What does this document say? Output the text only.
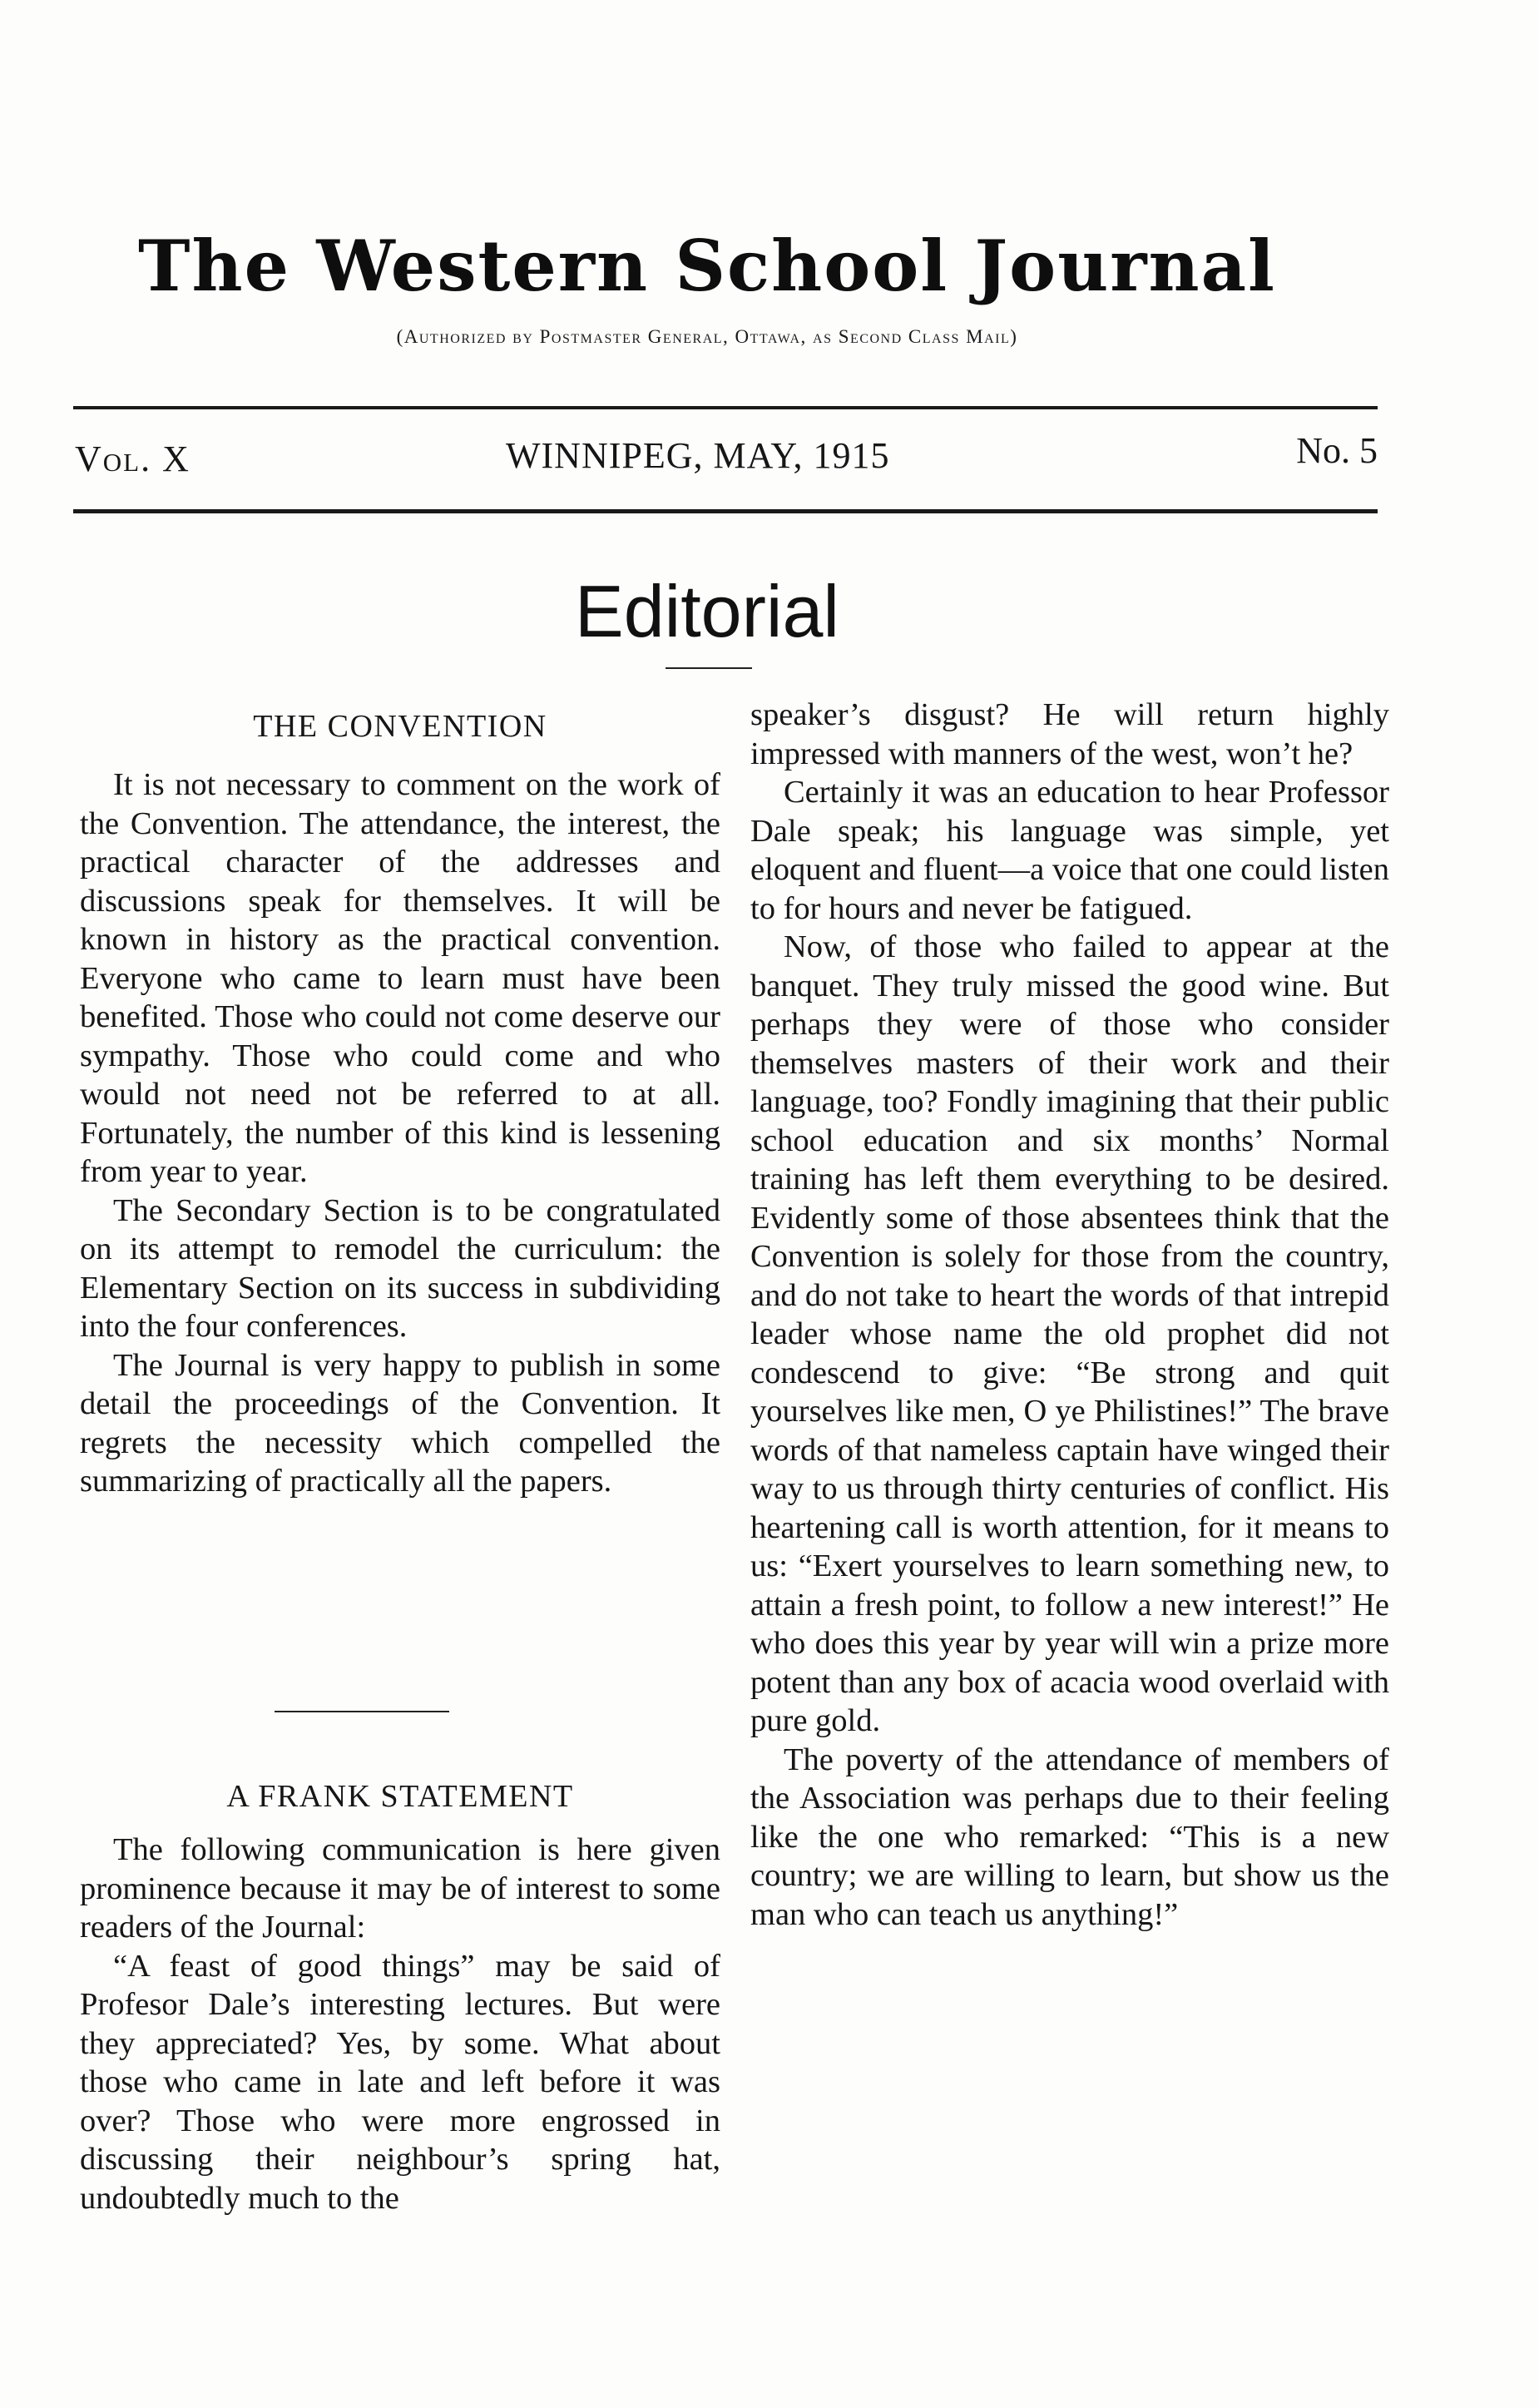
The Western School Journal
(Authorized by Postmaster General, Ottawa, as Second Class Mail)
Vol. X	WINNIPEG, MAY, 1915	No. 5
Editorial
THE CONVENTION

It is not necessary to comment on the work of the Convention. The attendance, the interest, the practical character of the addresses and discussions speak for themselves. It will be known in history as the practical convention. Everyone who came to learn must have been benefited. Those who could not come deserve our sympathy. Those who could come and who would not need not be referred to at all. Fortunately, the number of this kind is lessening from year to year.

The Secondary Section is to be congratulated on its attempt to remodel the curriculum: the Elementary Section on its success in subdividing into the four conferences.

The Journal is very happy to publish in some detail the proceedings of the Convention. It regrets the necessity which compelled the summarizing of practically all the papers.

A FRANK STATEMENT

The following communication is here given prominence because it may be of interest to some readers of the Journal:

“A feast of good things” may be said of Profesor Dale’s interesting lectures. But were they appreciated? Yes, by some. What about those who came in late and left before it was over? Those who were more engrossed in discussing their neighbour’s spring hat, undoubtedly much to the

speaker’s disgust? He will return highly impressed with manners of the west, won’t he?

Certainly it was an education to hear Professor Dale speak; his language was simple, yet eloquent and fluent—a voice that one could listen to for hours and never be fatigued.

Now, of those who failed to appear at the banquet. They truly missed the good wine. But perhaps they were of those who consider themselves masters of their work and their language, too? Fondly imagining that their public school education and six months’ Normal training has left them everything to be desired. Evidently some of those absentees think that the Convention is solely for those from the country, and do not take to heart the words of that intrepid leader whose name the old prophet did not condescend to give: “Be strong and quit yourselves like men, O ye Philistines!” The brave words of that nameless captain have winged their way to us through thirty centuries of conflict. His heartening call is worth attention, for it means to us: “Exert yourselves to learn something new, to attain a fresh point, to follow a new interest!” He who does this year by year will win a prize more potent than any box of acacia wood overlaid with pure gold.

The poverty of the attendance of members of the Association was perhaps due to their feeling like the one who remarked: “This is a new country; we are willing to learn, but show us the man who can teach us anything!”
